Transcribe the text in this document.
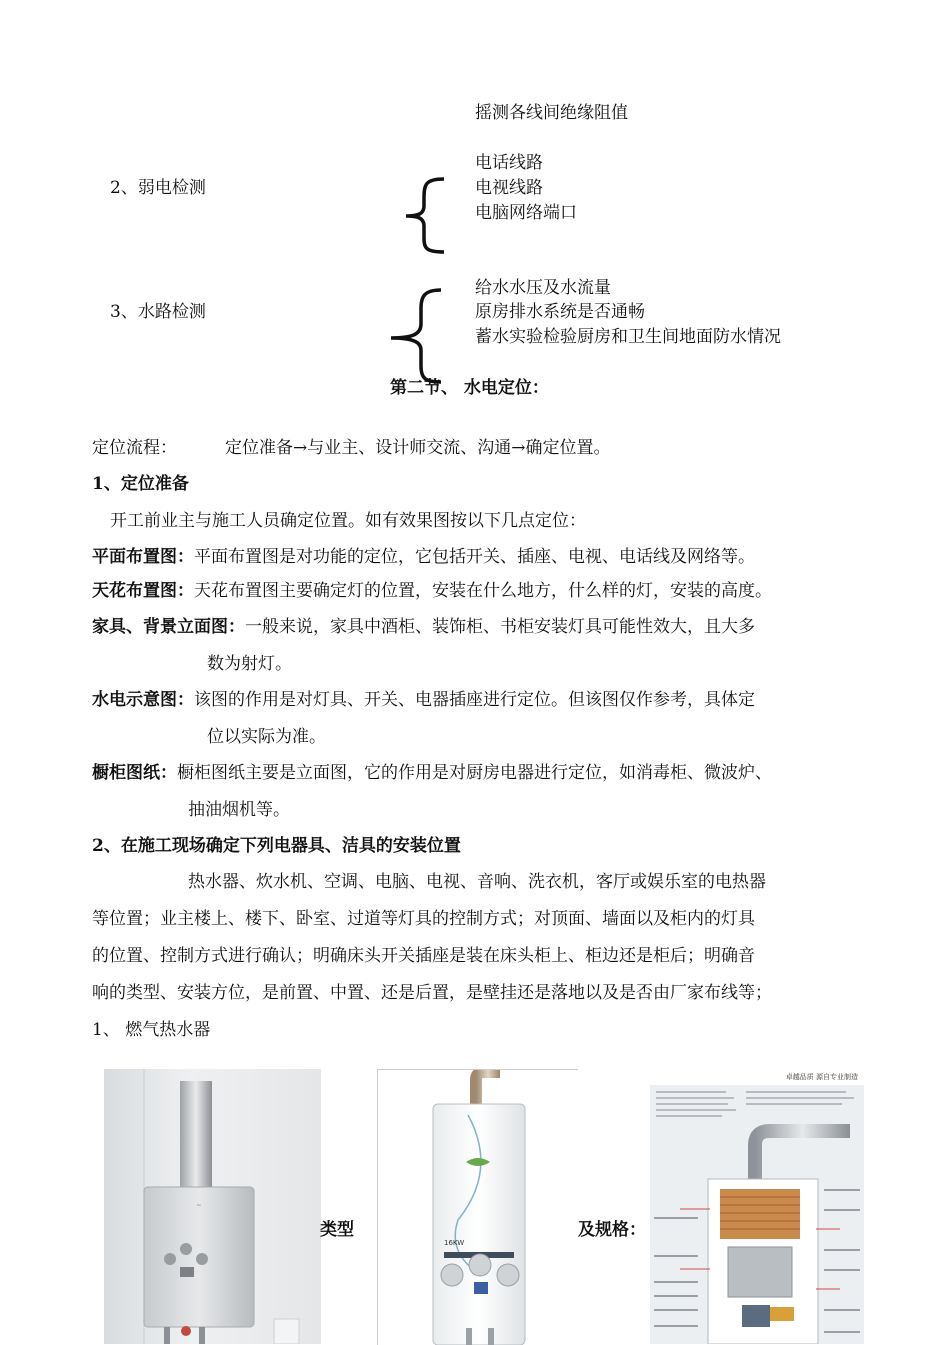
摇测各线间绝缘阻值
2、弱电检测
电话线路
电视线路
电脑网络端口
3、水路检测
给水水压及水流量
原房排水系统是否通畅
蓄水实验检验厨房和卫生间地面防水情况
第二节、 水电定位：
定位流程：	定位准备→与业主、设计师交流、沟通→确定位置。
1、定位准备
开工前业主与施工人员确定位置。如有效果图按以下几点定位：
平面布置图：平面布置图是对功能的定位，它包括开关、插座、电视、电话线及网络等。
天花布置图：天花布置图主要确定灯的位置，安装在什么地方，什么样的灯，安装的高度。
家具、背景立面图：一般来说，家具中酒柜、装饰柜、书柜安装灯具可能性效大，且大多
数为射灯。
水电示意图：该图的作用是对灯具、开关、电器插座进行定位。但该图仅作参考，具体定
位以实际为准。
橱柜图纸：橱柜图纸主要是立面图，它的作用是对厨房电器进行定位，如消毒柜、微波炉、
抽油烟机等。
2、在施工现场确定下列电器具、洁具的安装位置
热水器、炊水机、空调、电脑、电视、音响、洗衣机，客厅或娱乐室的电热器
等位置；业主楼上、楼下、卧室、过道等灯具的控制方式；对顶面、墙面以及柜内的灯具
的位置、控制方式进行确认；明确床头开关插座是装在床头柜上、柜边还是柜后；明确音
响的类型、安装方位，是前置、中置、还是后置，是壁挂还是落地以及是否由厂家布线等；
1、 燃气热水器
~
类型
16KW
及规格：
卓越品质 源自专业制造
